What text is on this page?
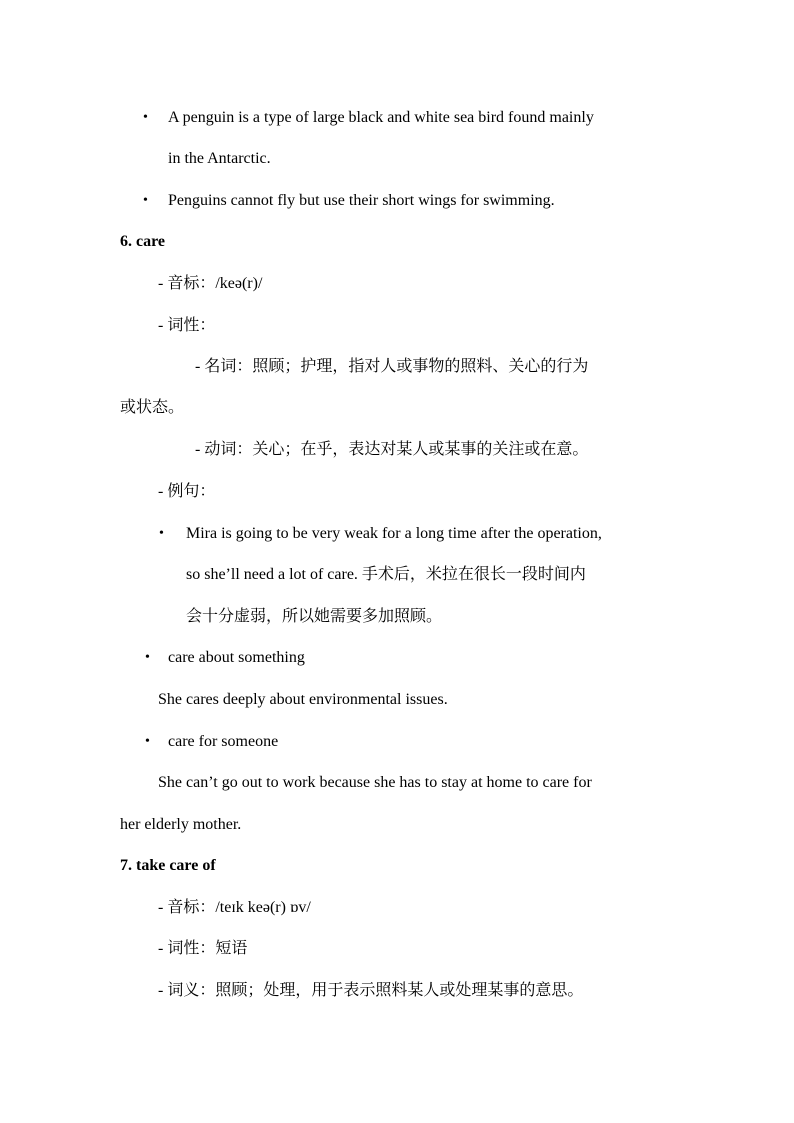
• A penguin is a type of large black and white sea bird found mainly
in the Antarctic.
• Penguins cannot fly but use their short wings for swimming.
6. care
- 音标：/keə(r)/
- 词性：
- 名词：照顾；护理，指对人或事物的照料、关心的行为
或状态。
- 动词：关心；在乎，表达对某人或某事的关注或在意。
- 例句：
• Mira is going to be very weak for a long time after the operation,
so she’ll need a lot of care. 手术后，米拉在很长一段时间内
会十分虚弱，所以她需要多加照顾。
• care about something
She cares deeply about environmental issues.
• care for someone
She can’t go out to work because she has to stay at home to care for
her elderly mother.
7. take care of
- 音标：/teɪk keə(r) ɒv/
- 词性：短语
- 词义：照顾；处理，用于表示照料某人或处理某事的意思。
